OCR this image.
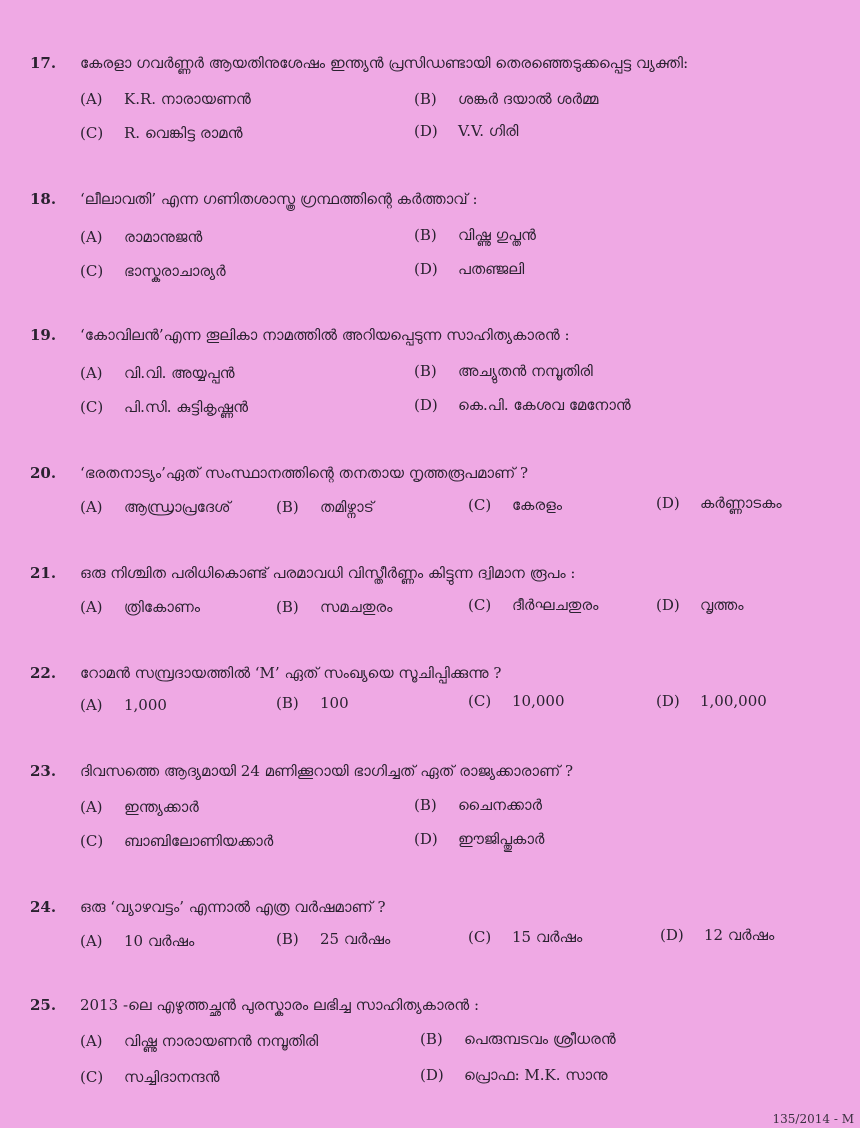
17. കേരളാ ഗവർണ്ണർ ആയതിനുശേഷം ഇന്ത്യൻ പ്രസിഡണ്ടായി തെരഞ്ഞെടുക്കപ്പെട്ട വ്യക്തി:
(A) K.R. നാരായണൻ	(B) ശങ്കർ ദയാൽ ശർമ്മ
(C) R. വെങ്കിട്ട രാമൻ	(D) V.V. ഗിരി
18. ‘ലീലാവതി’ എന്ന ഗണിതശാസ്ത്ര ഗ്രന്ഥത്തിന്റെ കർത്താവ് :
(A) രാമാനുജൻ	(B) വിഷ്ണു ഗുപ്തൻ
(C) ഭാസ്കരാചാര്യർ	(D) പതഞ്ജലി
19. ‘കോവിലൻ’എന്ന തൂലികാ നാമത്തിൽ അറിയപ്പെടുന്ന സാഹിത്യകാരൻ :
(A) വി.വി. അയ്യപ്പൻ	(B) അച്യുതൻ നമ്പൂതിരി
(C) പി.സി. കുട്ടികൃഷ്ണൻ	(D) കെ.പി. കേശവ മേനോൻ
20. ‘ഭരതനാട്യം’ഏത് സംസ്ഥാനത്തിന്റെ തനതായ നൃത്തരൂപമാണ് ?
(A) ആന്ധ്രാപ്രദേശ്	(B) തമിഴ്നാട്	(C) കേരളം	(D) കർണ്ണാടകം
21. ഒരു നിശ്ചിത പരിധികൊണ്ട് പരമാവധി വിസ്തീർണ്ണം കിട്ടുന്ന ദ്വിമാന രൂപം :
(A) ത്രികോണം	(B) സമചതുരം	(C) ദീർഘചതുരം	(D) വൃത്തം
22. റോമൻ സമ്പ്രദായത്തിൽ ‘M’ ഏത് സംഖ്യയെ സൂചിപ്പിക്കുന്നു ?
(A) 1,000	(B) 100	(C) 10,000	(D) 1,00,000
23. ദിവസത്തെ ആദ്യമായി 24 മണിക്കൂറായി ഭാഗിച്ചത് ഏത് രാജ്യക്കാരാണ് ?
(A) ഇന്ത്യക്കാർ	(B) ചൈനക്കാർ
(C) ബാബിലോണിയക്കാർ	(D) ഈജിപ്തുകാർ
24. ഒരു ‘വ്യാഴവട്ടം’ എന്നാൽ എത്ര വർഷമാണ് ?
(A) 10 വർഷം	(B) 25 വർഷം	(C) 15 വർഷം	(D) 12 വർഷം
25. 2013 -ലെ എഴുത്തച്ഛൻ പുരസ്കാരം ലഭിച്ച സാഹിത്യകാരൻ :
(A) വിഷ്ണു നാരായണൻ നമ്പൂതിരി	(B) പെരുമ്പടവം ശ്രീധരൻ
(C) സച്ചിദാനന്ദൻ	(D) പ്രൊഫ: M.K. സാനു
135/2014 - M
